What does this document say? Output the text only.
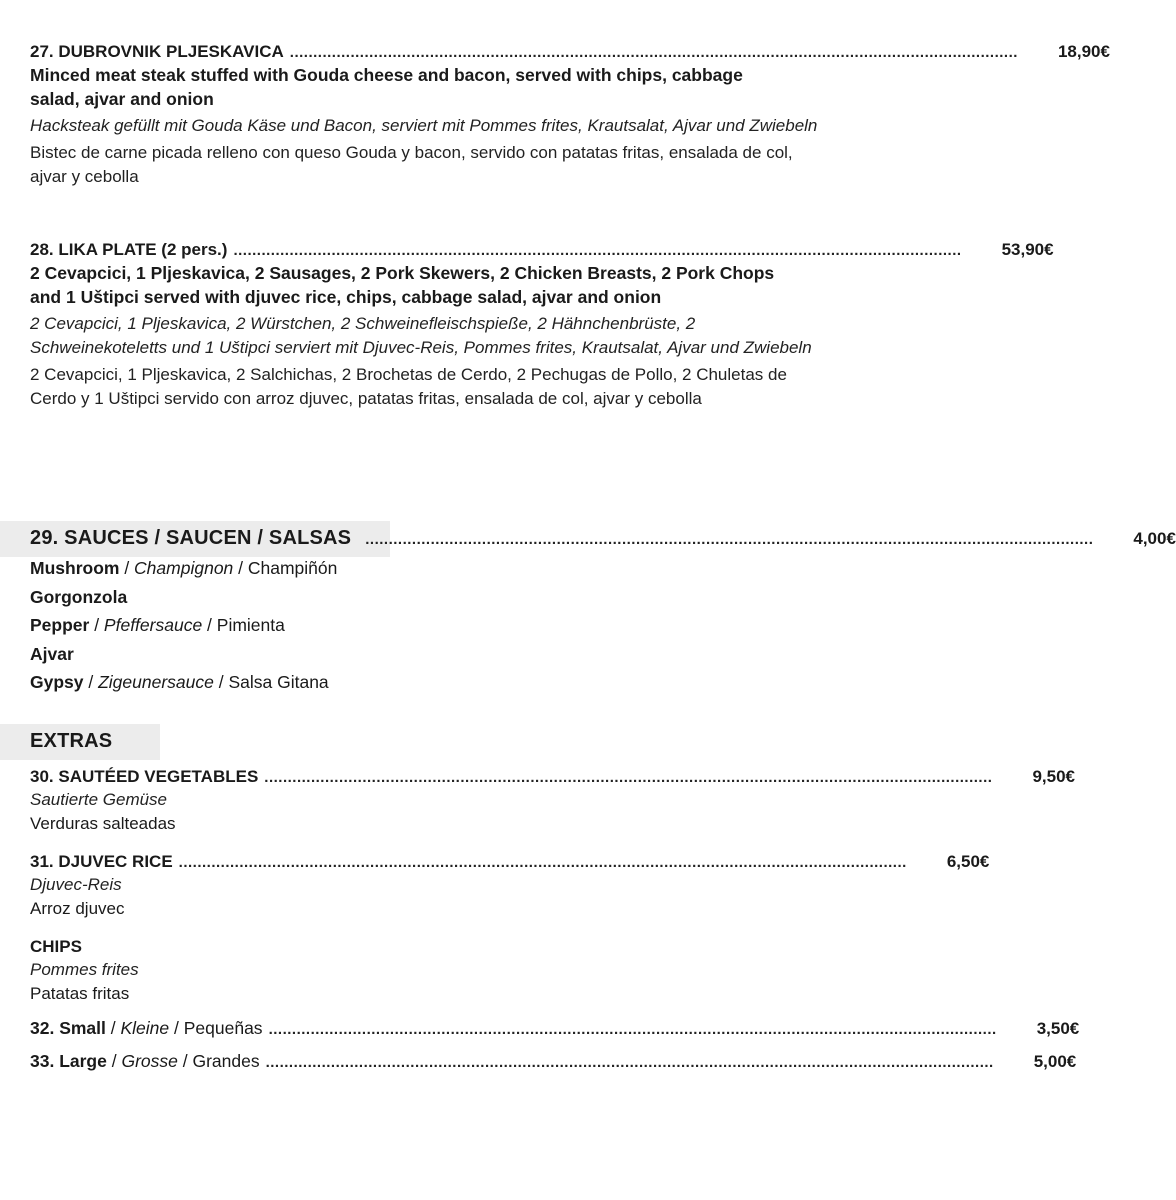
27. DUBROVNIK PLJESKAVICA ............................................................................................................................................................ 18,90€
Minced meat steak stuffed with Gouda cheese and bacon, served with chips, cabbage salad, ajvar and onion
Hacksteak gefüllt mit Gouda Käse und Bacon, serviert mit Pommes frites, Krautsalat, Ajvar und Zwiebeln
Bistec de carne picada relleno con queso Gouda y bacon, servido con patatas fritas, ensalada de col, ajvar y cebolla
28. LIKA PLATE (2 pers.) ............................................................................................................................................................ 53,90€
2 Cevapcici, 1 Pljeskavica, 2 Sausages, 2 Pork Skewers, 2 Chicken Breasts, 2 Pork Chops and 1 Uštipci served with djuvec rice, chips, cabbage salad, ajvar and onion
2 Cevapcici, 1 Pljeskavica, 2 Würstchen, 2 Schweinefleischspieße, 2 Hähnchenbrüste, 2 Schweinekoteletts und 1 Uštipci serviert mit Djuvec-Reis, Pommes frites, Krautsalat, Ajvar und Zwiebeln
2 Cevapcici, 1 Pljeskavica, 2 Salchichas, 2 Brochetas de Cerdo, 2 Pechugas de Pollo, 2 Chuletas de Cerdo y 1 Uštipci servido con arroz djuvec, patatas fritas, ensalada de col, ajvar y cebolla
29. SAUCES / SAUCEN / SALSAS ............................................................................................................................................................ 4,00€
Mushroom / Champignon / Champiñón
Gorgonzola
Pepper / Pfeffersauce / Pimienta
Ajvar
Gypsy / Zigeunersauce / Salsa Gitana
EXTRAS
30. SAUTÉED VEGETABLES ............................................................................................................................................................ 9,50€
Sautierte Gemüse
Verduras salteadas
31. DJUVEC RICE ............................................................................................................................................................ 6,50€
Djuvec-Reis
Arroz djuvec
CHIPS
Pommes frites
Patatas fritas
32. Small / Kleine / Pequeñas ............................................................................................................................................................ 3,50€
33. Large / Grosse / Grandes ............................................................................................................................................................ 5,00€
